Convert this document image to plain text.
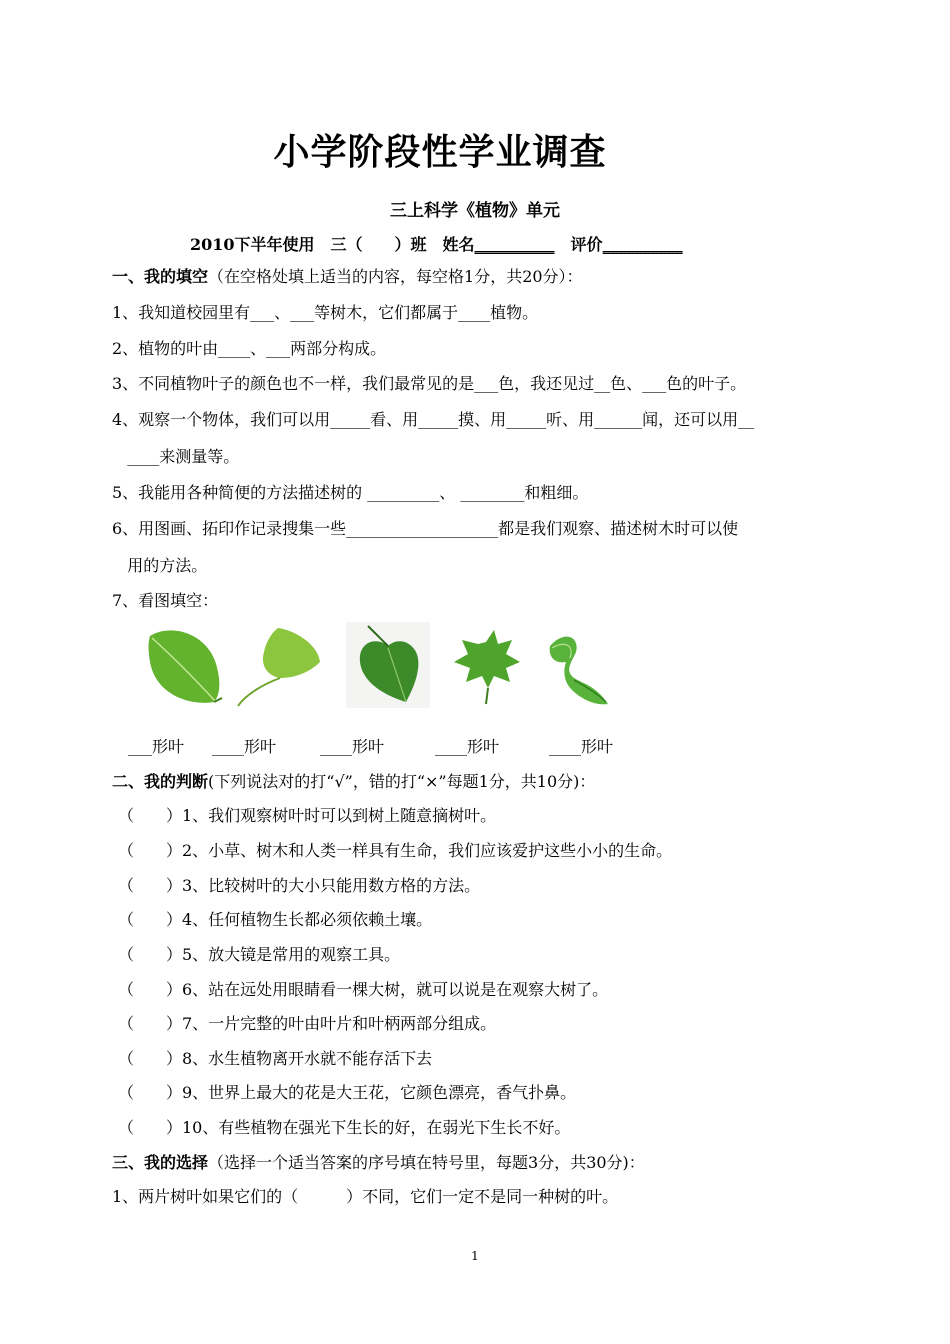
小学阶段性学业调查
三上科学《植物》单元
2010下半年使用　三（　　）班　姓名__________　评价__________
一、我的填空（在空格处填上适当的内容，每空格1分，共20分）：
1、我知道校园里有___、___等树木，它们都属于____植物。
2、植物的叶由____、___两部分构成。
3、不同植物叶子的颜色也不一样，我们最常见的是___色，我还见过__色、___色的叶子。
4、观察一个物体，我们可以用_____看、用_____摸、用_____听、用______闻，还可以用__
____来测量等。
5、我能用各种简便的方法描述树的 _________、 ________和粗细。
6、用图画、拓印作记录搜集一些___________________都是我们观察、描述树木时可以使
用的方法。
7、看图填空：
___形叶 ____形叶	____形叶	____形叶	____形叶
二、我的判断(下列说法对的打“√”，错的打“×”每题1分，共10分)：
（　　）1、我们观察树叶时可以到树上随意摘树叶。
（　　）2、小草、树木和人类一样具有生命，我们应该爱护这些小小的生命。
（　　）3、比较树叶的大小只能用数方格的方法。
（　　）4、任何植物生长都必须依赖土壤。
（　　）5、放大镜是常用的观察工具。
（　　）6、站在远处用眼睛看一棵大树，就可以说是在观察大树了。
（　　）7、一片完整的叶由叶片和叶柄两部分组成。
（　　）8、水生植物离开水就不能存活下去
（　　）9、世界上最大的花是大王花，它颜色漂亮，香气扑鼻。
（　　）10、有些植物在强光下生长的好，在弱光下生长不好。
三、我的选择（选择一个适当答案的序号填在特号里，每题3分，共30分)：
1、两片树叶如果它们的（　　　）不同，它们一定不是同一种树的叶。
1
